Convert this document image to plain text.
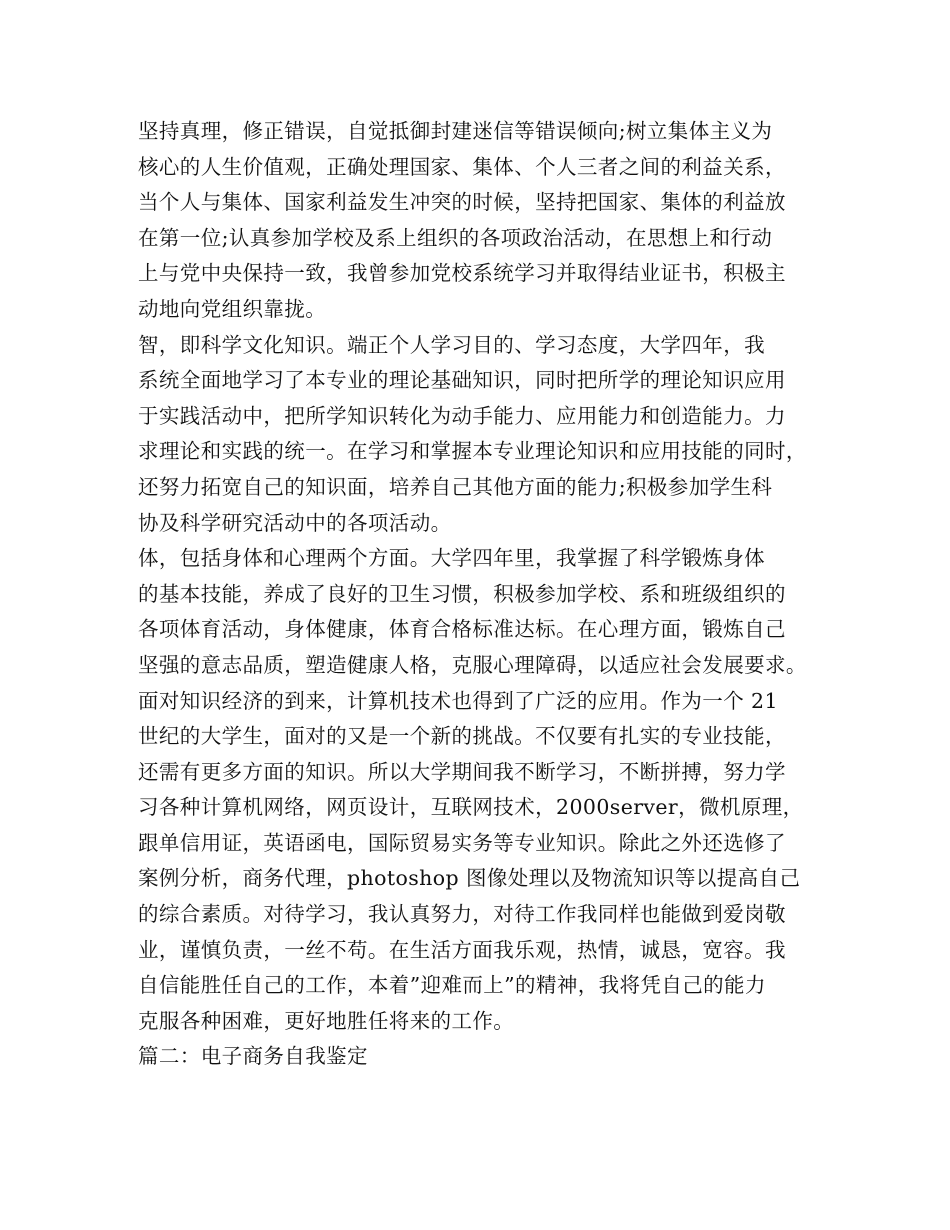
坚持真理，修正错误，自觉抵御封建迷信等错误倾向;树立集体主义为
核心的人生价值观，正确处理国家、集体、个人三者之间的利益关系，
当个人与集体、国家利益发生冲突的时候，坚持把国家、集体的利益放
在第一位;认真参加学校及系上组织的各项政治活动，在思想上和行动
上与党中央保持一致，我曾参加党校系统学习并取得结业证书，积极主
动地向党组织靠拢。
智，即科学文化知识。端正个人学习目的、学习态度，大学四年，我
系统全面地学习了本专业的理论基础知识，同时把所学的理论知识应用
于实践活动中，把所学知识转化为动手能力、应用能力和创造能力。力
求理论和实践的统一。在学习和掌握本专业理论知识和应用技能的同时，
还努力拓宽自己的知识面，培养自己其他方面的能力;积极参加学生科
协及科学研究活动中的各项活动。
体，包括身体和心理两个方面。大学四年里，我掌握了科学锻炼身体
的基本技能，养成了良好的卫生习惯，积极参加学校、系和班级组织的
各项体育活动，身体健康，体育合格标准达标。在心理方面，锻炼自己
坚强的意志品质，塑造健康人格，克服心理障碍，以适应社会发展要求。
面对知识经济的到来，计算机技术也得到了广泛的应用。作为一个 21
世纪的大学生，面对的又是一个新的挑战。不仅要有扎实的专业技能，
还需有更多方面的知识。所以大学期间我不断学习，不断拼搏，努力学
习各种计算机网络，网页设计，互联网技术，2000server，微机原理，
跟单信用证，英语函电，国际贸易实务等专业知识。除此之外还选修了
案例分析，商务代理，photoshop 图像处理以及物流知识等以提高自己
的综合素质。对待学习，我认真努力，对待工作我同样也能做到爱岗敬
业，谨慎负责，一丝不苟。在生活方面我乐观，热情，诚恳，宽容。我
自信能胜任自己的工作，本着”迎难而上”的精神，我将凭自己的能力
克服各种困难，更好地胜任将来的工作。
篇二：电子商务自我鉴定
